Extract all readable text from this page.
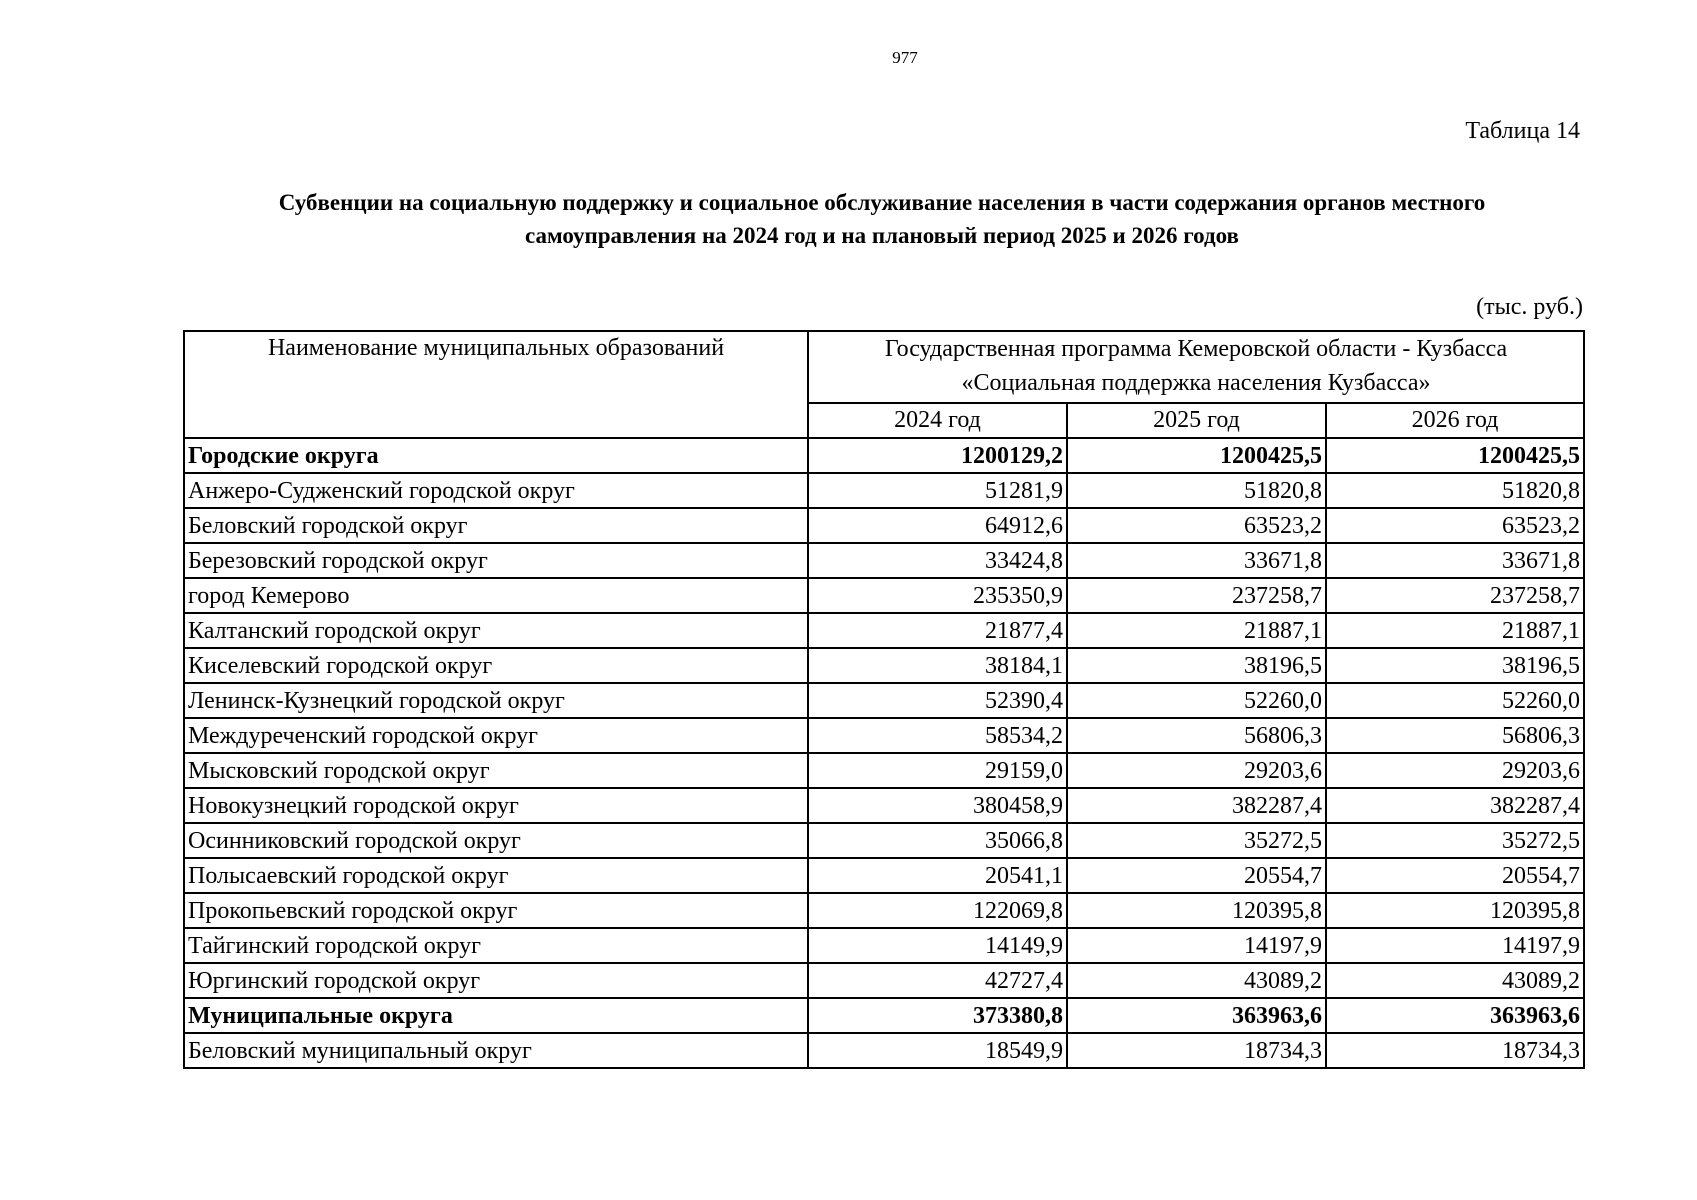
977
Таблица 14
Субвенции на социальную поддержку и социальное обслуживание населения в части содержания органов местного
самоуправления на 2024 год и на плановый период 2025 и 2026 годов
(тыс. руб.)
Наименование муниципальных образований	Государственная программа Кемеровской области - Кузбасса
«Социальная поддержка населения Кузбасса»		

	2024 год	2025 год	2026 год
Городские округа	1200129,2	1200425,5	1200425,5
Анжеро-Судженский городской округ	51281,9	51820,8	51820,8
Беловский городской округ	64912,6	63523,2	63523,2
Березовский городской округ	33424,8	33671,8	33671,8
город Кемерово	235350,9	237258,7	237258,7
Калтанский городской округ	21877,4	21887,1	21887,1
Киселевский городской округ	38184,1	38196,5	38196,5
Ленинск-Кузнецкий городской округ	52390,4	52260,0	52260,0
Междуреченский городской округ	58534,2	56806,3	56806,3
Мысковский городской округ	29159,0	29203,6	29203,6
Новокузнецкий городской округ	380458,9	382287,4	382287,4
Осинниковский городской округ	35066,8	35272,5	35272,5
Полысаевский городской округ	20541,1	20554,7	20554,7
Прокопьевский городской округ	122069,8	120395,8	120395,8
Тайгинский городской округ	14149,9	14197,9	14197,9
Юргинский городской округ	42727,4	43089,2	43089,2
Муниципальные округа	373380,8	363963,6	363963,6
Беловский муниципальный округ	18549,9	18734,3	18734,3
